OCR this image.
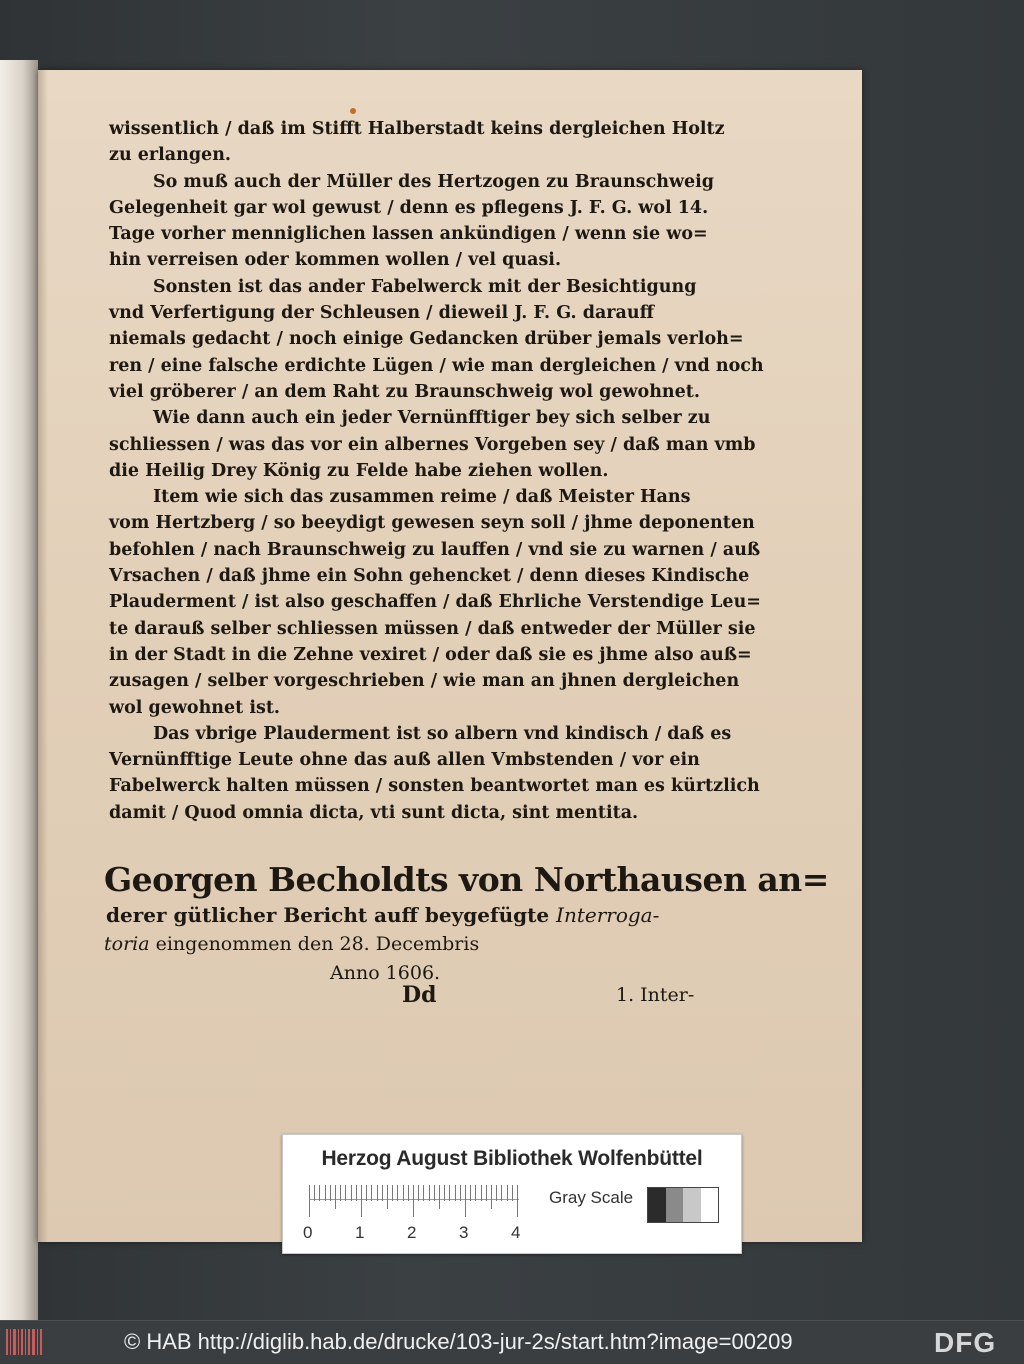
wissentlich / daß im Stifft Halberstadt keins dergleichen Holtz
zu erlangen.
So muß auch der Müller des Hertzogen zu Braunschweig
Gelegenheit gar wol gewust / denn es pflegens J. F. G. wol 14.
Tage vorher menniglichen lassen ankündigen / wenn sie wo=
hin verreisen oder kommen wollen / vel quasi.
Sonsten ist das ander Fabelwerck mit der Besichtigung
vnd Verfertigung der Schleusen / dieweil J. F. G. darauff
niemals gedacht / noch einige Gedancken drüber jemals verloh=
ren / eine falsche erdichte Lügen / wie man dergleichen / vnd noch
viel gröberer / an dem Raht zu Braunschweig wol gewohnet.
Wie dann auch ein jeder Vernünfftiger bey sich selber zu
schliessen / was das vor ein albernes Vorgeben sey / daß man vmb
die Heilig Drey König zu Felde habe ziehen wollen.
Item wie sich das zusammen reime / daß Meister Hans
vom Hertzberg / so beeydigt gewesen seyn soll / jhme deponenten
befohlen / nach Braunschweig zu lauffen / vnd sie zu warnen / auß
Vrsachen / daß jhme ein Sohn gehencket / denn dieses Kindische
Plauderment / ist also geschaffen / daß Ehrliche Verstendige Leu=
te darauß selber schliessen müssen / daß entweder der Müller sie
in der Stadt in die Zehne vexiret / oder daß sie es jhme also auß=
zusagen / selber vorgeschrieben / wie man an jhnen dergleichen
wol gewohnet ist.
Das vbrige Plauderment ist so albern vnd kindisch / daß es
Vernünfftige Leute ohne das auß allen Vmbstenden / vor ein
Fabelwerck halten müssen / sonsten beantwortet man es kürtzlich
damit / Quod omnia dicta, vti sunt dicta, sint mentita.
Georgen Becholdts von Northausen an=
derer gütlicher Bericht auff beygefügte Interroga-
toria eingenommen den 28. Decembris
Anno 1606.
Dd	1. Inter-
Herzog August Bibliothek Wolfenbüttel
0	1	2	3	4
Gray Scale
© HAB http://diglib.hab.de/drucke/103-jur-2s/start.htm?image=00209	DFG
